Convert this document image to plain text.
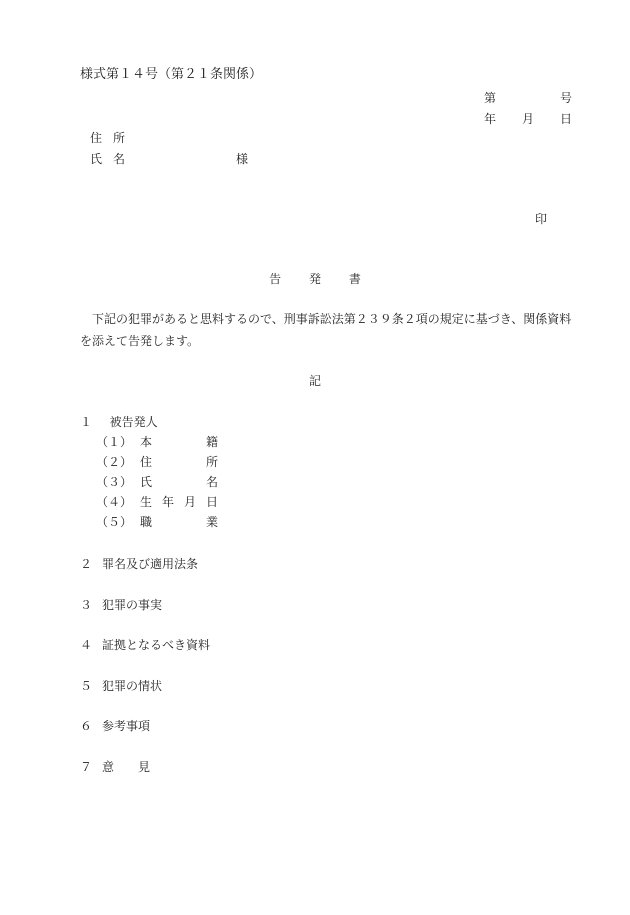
様式第１４号（第２１条関係）
第	号
年 月 日
住 所
氏 名	様
印
告 発 書
下記の犯罪があると思料するので、刑事訴訟法第２３９条２項の規定に基づき、関係資料を添えて告発します。
記
１ 被告発人
（１） 本	籍
（２） 住	所
（３） 氏	名
（４） 生 年 月 日
（５） 職	業
２ 罪名及び適用法条
３ 犯罪の事実
４ 証拠となるべき資料
５ 犯罪の情状
６ 参考事項
７ 意　　見
